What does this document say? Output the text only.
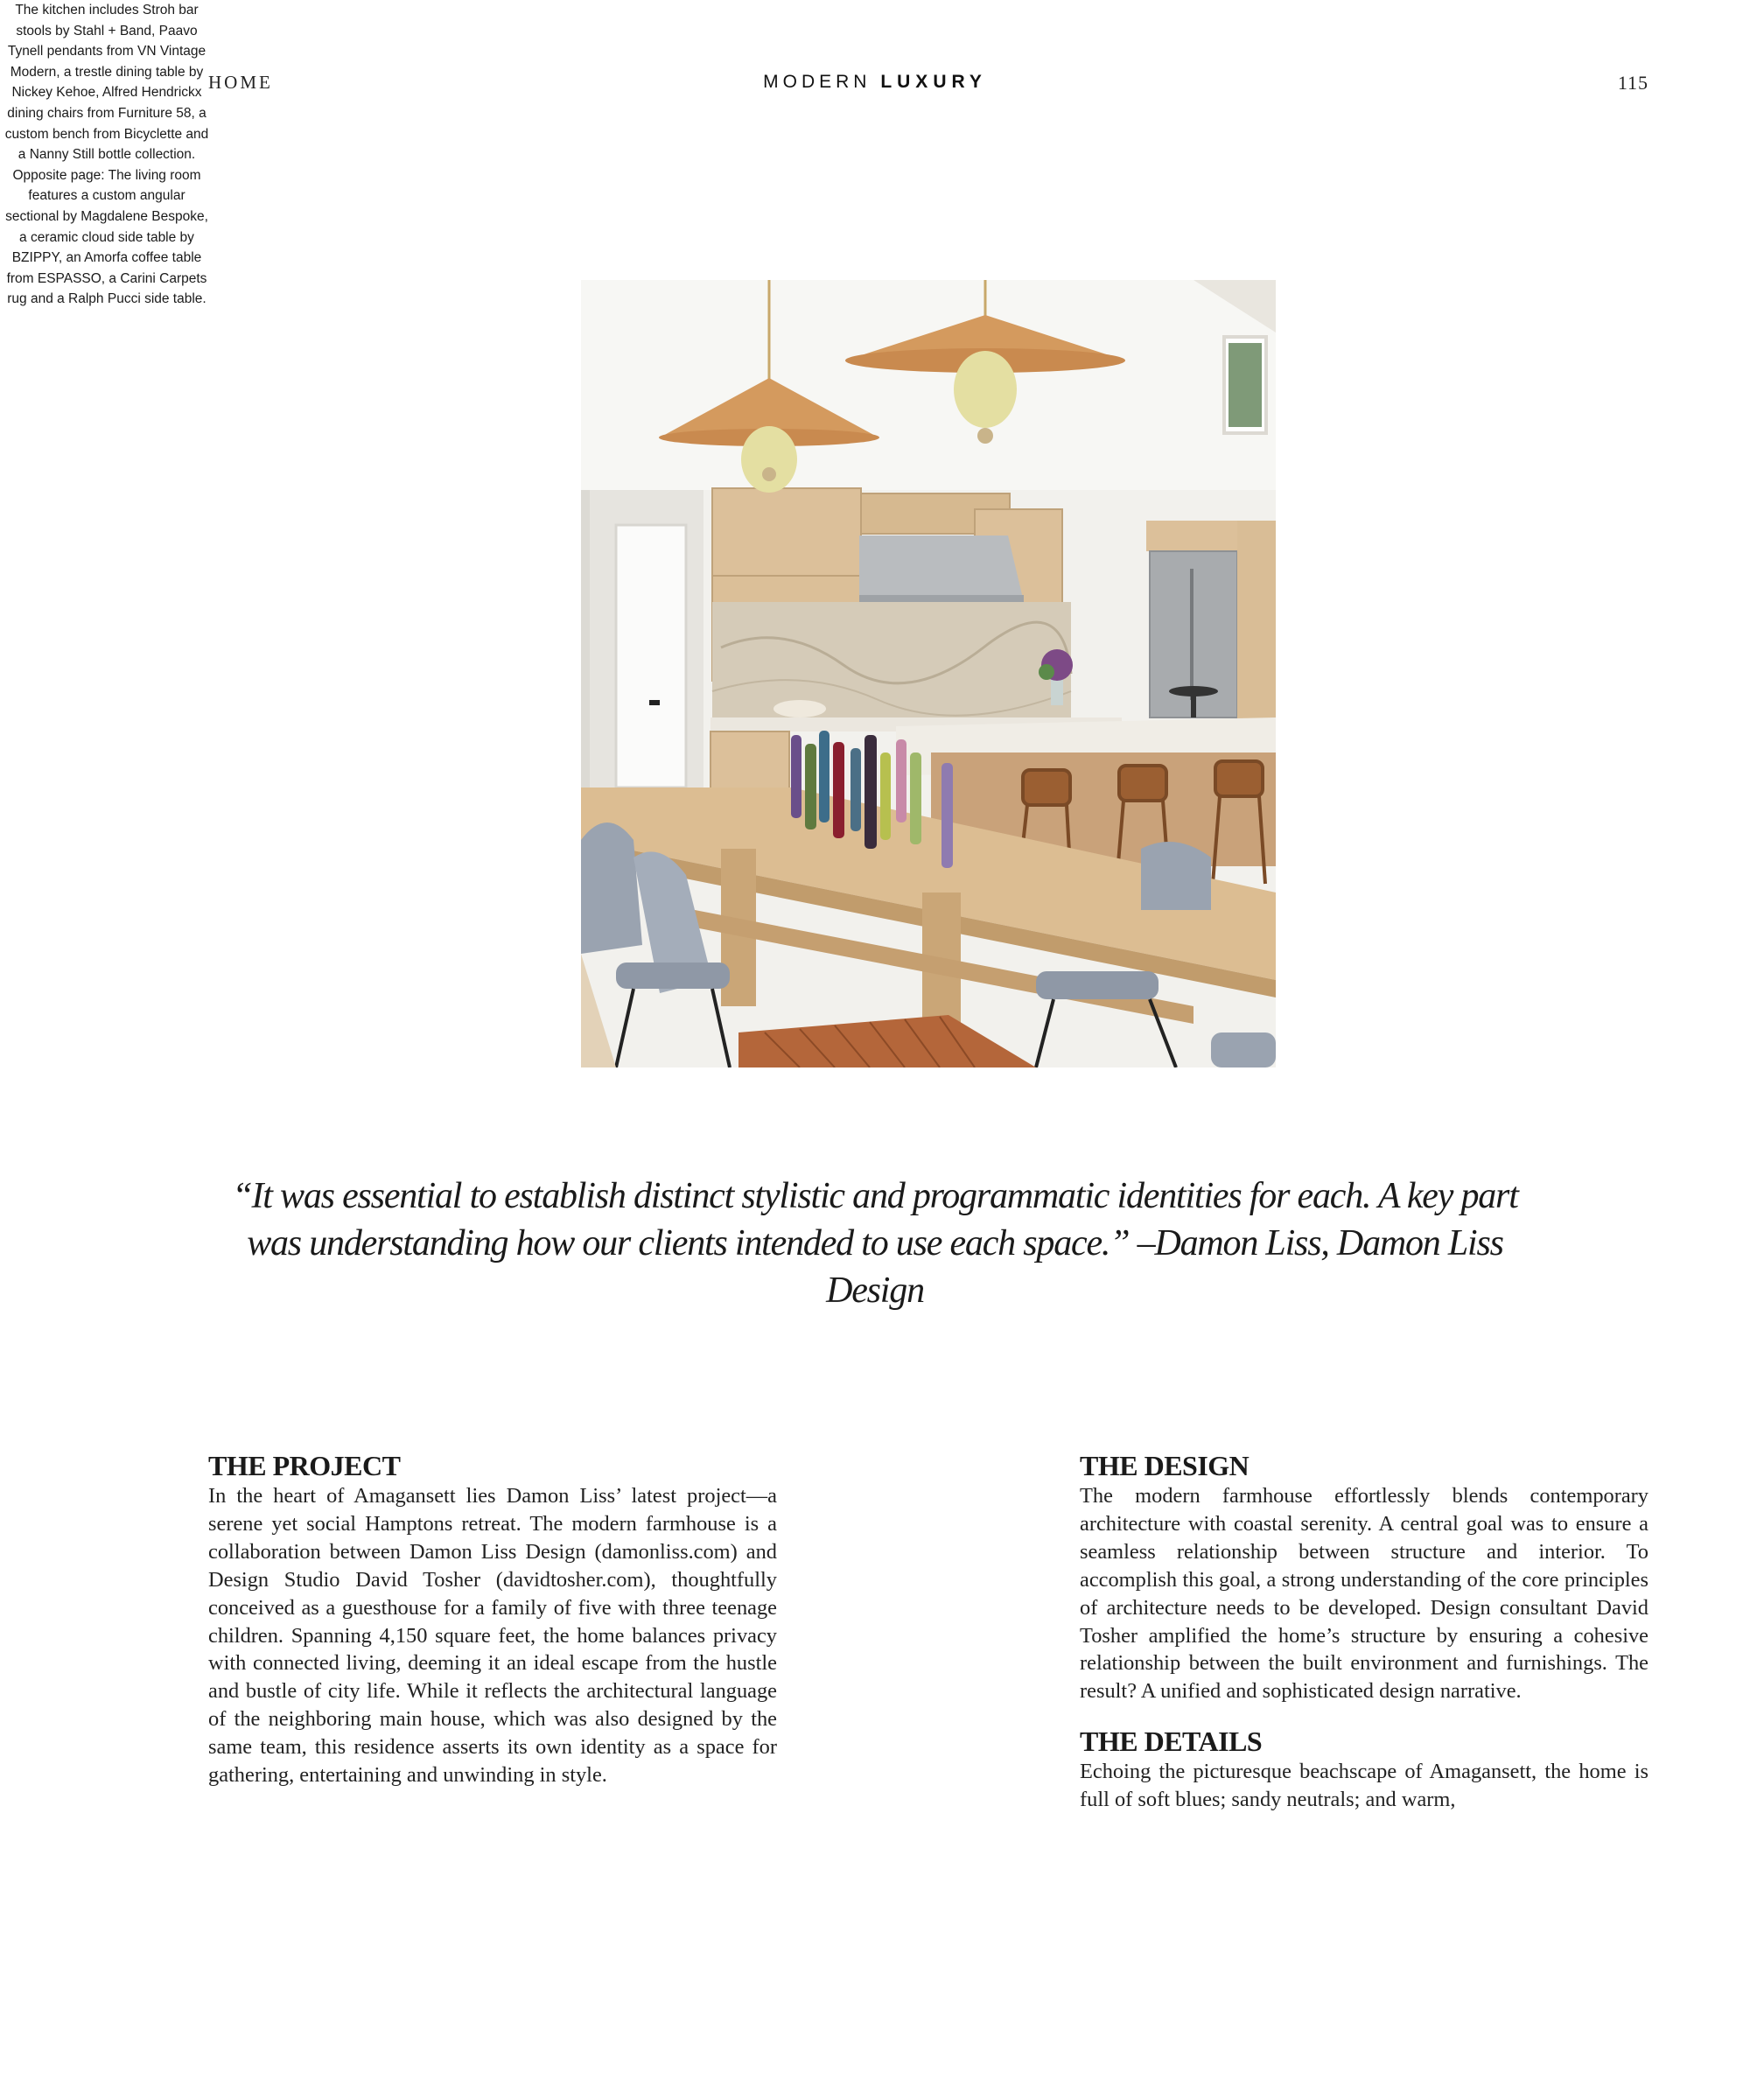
HOME	MODERN LUXURY	115
“It was essential to establish distinct stylistic and programmatic identities for each. A key part was understanding how our clients intended to use each space.” –Damon Liss, Damon Liss Design
THE PROJECT

In the heart of Amagansett lies Damon Liss’ latest project—a serene yet social Hamptons retreat. The modern farmhouse is a collaboration between Damon Liss Design (damonliss.com) and Design Studio David Tosher (davidtosher.com), thoughtfully conceived as a guesthouse for a family of five with three teenage children. Spanning 4,150 square feet, the home balances privacy with connected living, deeming it an ideal escape from the hustle and bustle of city life. While it reflects the architectural language of the neighboring main house, which was also designed by the same team, this residence asserts its own identity as a space for gathering, entertaining and unwinding in style.

The kitchen includes Stroh bar stools by Stahl + Band, Paavo Tynell pendants from VN Vintage Modern, a trestle dining table by Nickey Kehoe, Alfred Hendrickx dining chairs from Furniture 58, a custom bench from Bicyclette and a Nanny Still bottle collection. Opposite page: The living room features a custom angular sectional by Magdalene Bespoke, a ceramic cloud side table by BZIPPY, an Amorfa coffee table from ESPASSO, a Carini Carpets rug and a Ralph Pucci side table.
THE DESIGN

The modern farmhouse effortlessly blends contemporary architecture with coastal serenity. A central goal was to ensure a seamless relationship between structure and interior. To accomplish this goal, a strong understanding of the core principles of architecture needs to be developed. Design consultant David Tosher amplified the home’s structure by ensuring a cohesive relationship between the built environment and furnishings. The result? A unified and sophisticated design narrative.

THE DETAILS

Echoing the picturesque beachscape of Amagansett, the home is full of soft blues; sandy neutrals; and warm,
